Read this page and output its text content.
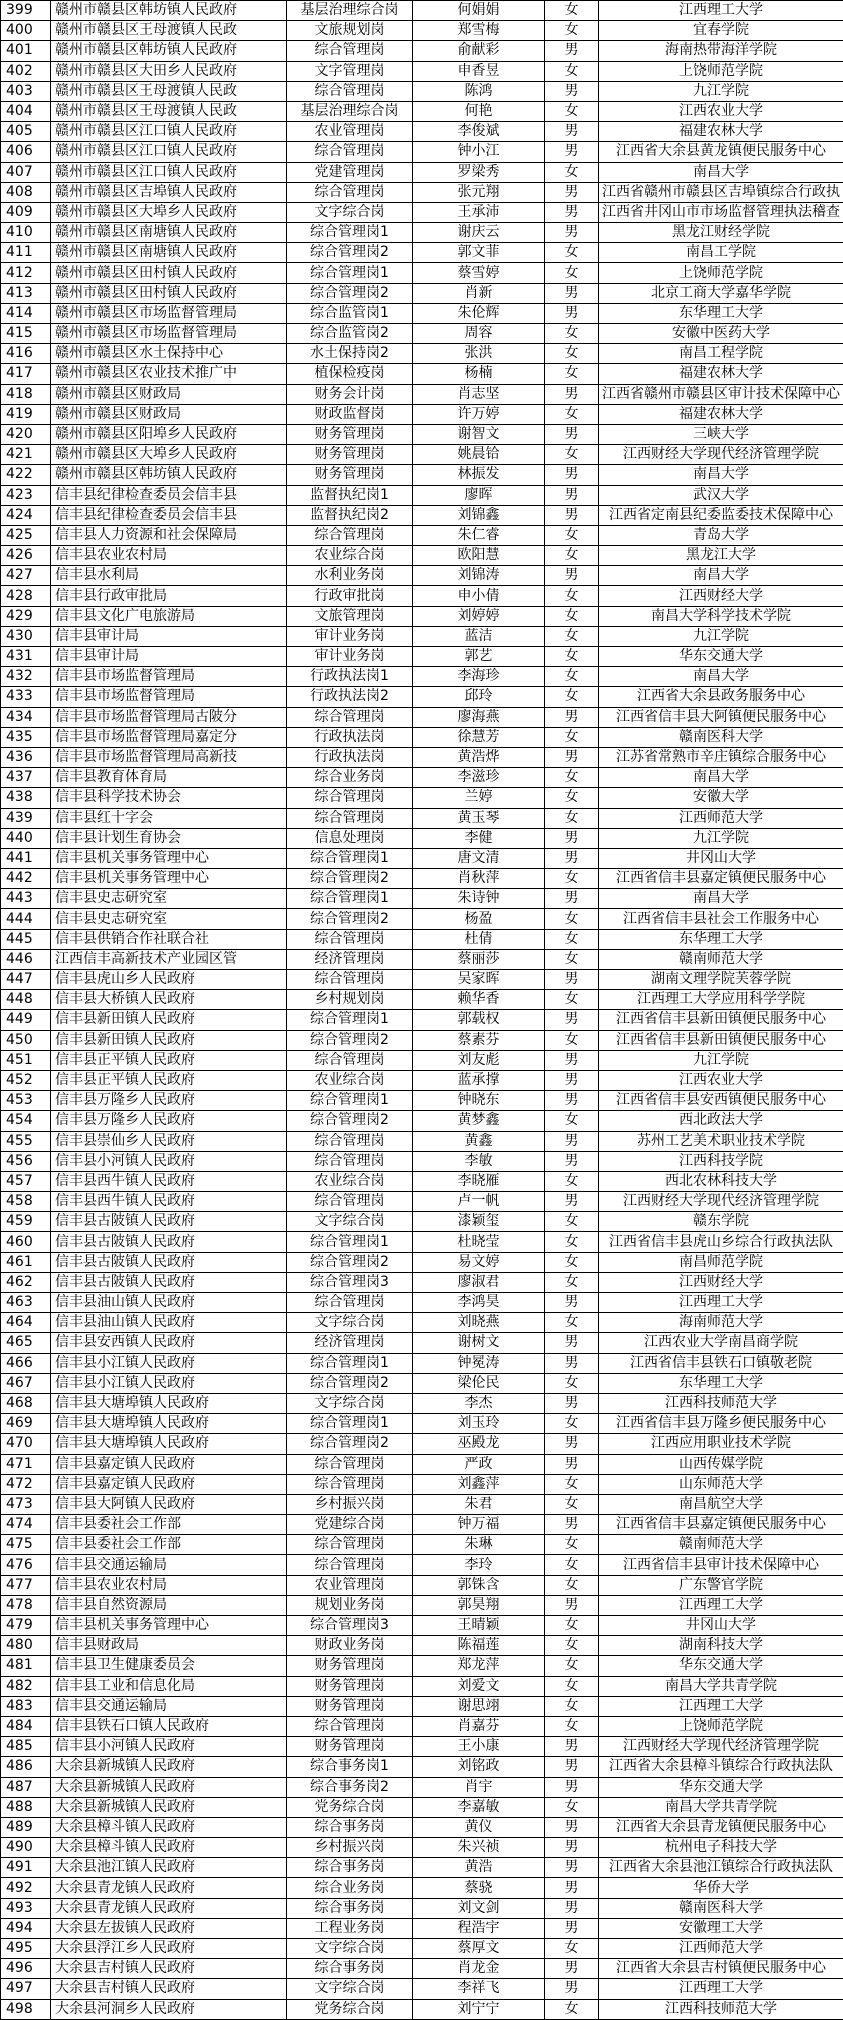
399	赣州市赣县区韩坊镇人民政府	基层治理综合岗	何娟娟	女	江西理工大学
400	赣州市赣县区王母渡镇人民政	文旅规划岗	郑雪梅	女	宜春学院
401	赣州市赣县区韩坊镇人民政府	综合管理岗	俞献彩	男	海南热带海洋学院
402	赣州市赣县区大田乡人民政府	文字管理岗	申香昱	女	上饶师范学院
403	赣州市赣县区王母渡镇人民政	综合管理岗	陈鸿	男	九江学院
404	赣州市赣县区王母渡镇人民政	基层治理综合岗	何艳	女	江西农业大学
405	赣州市赣县区江口镇人民政府	农业管理岗	李俊斌	男	福建农林大学
406	赣州市赣县区江口镇人民政府	综合管理岗	钟小江	男	江西省大余县黄龙镇便民服务中心
407	赣州市赣县区江口镇人民政府	党建管理岗	罗梁秀	女	南昌大学
408	赣州市赣县区吉埠镇人民政府	综合管理岗	张元翔	男	江西省赣州市赣县区吉埠镇综合行政执
409	赣州市赣县区大埠乡人民政府	文字综合岗	王承沛	男	江西省井冈山市市场监督管理执法稽查
410	赣州市赣县区南塘镇人民政府	综合管理岗1	谢庆云	男	黑龙江财经学院
411	赣州市赣县区南塘镇人民政府	综合管理岗2	郭文菲	女	南昌工学院
412	赣州市赣县区田村镇人民政府	综合管理岗1	蔡雪婷	女	上饶师范学院
413	赣州市赣县区田村镇人民政府	综合管理岗2	肖新	男	北京工商大学嘉华学院
414	赣州市赣县区市场监督管理局	综合监管岗1	朱伦辉	男	东华理工大学
415	赣州市赣县区市场监督管理局	综合监管岗2	周容	女	安徽中医药大学
416	赣州市赣县区水土保持中心	水土保持岗2	张洪	女	南昌工程学院
417	赣州市赣县区农业技术推广中	植保检疫岗	杨楠	女	福建农林大学
418	赣州市赣县区财政局	财务会计岗	肖志坚	男	江西省赣州市赣县区审计技术保障中心
419	赣州市赣县区财政局	财政监督岗	许万婷	女	福建农林大学
420	赣州市赣县区阳埠乡人民政府	财务管理岗	谢智文	男	三峡大学
421	赣州市赣县区大埠乡人民政府	财务管理岗	姚晨铪	女	江西财经大学现代经济管理学院
422	赣州市赣县区韩坊镇人民政府	财务管理岗	林振发	男	南昌大学
423	信丰县纪律检查委员会信丰县	监督执纪岗1	廖晖	男	武汉大学
424	信丰县纪律检查委员会信丰县	监督执纪岗2	刘锦鑫	男	江西省定南县纪委监委技术保障中心
425	信丰县人力资源和社会保障局	综合管理岗	朱仁睿	女	青岛大学
426	信丰县农业农村局	农业综合岗	欧阳慧	女	黑龙江大学
427	信丰县水利局	水利业务岗	刘锦涛	男	南昌大学
428	信丰县行政审批局	行政审批岗	申小倩	女	江西财经大学
429	信丰县文化广电旅游局	文旅管理岗	刘婷婷	女	南昌大学科学技术学院
430	信丰县审计局	审计业务岗	蓝洁	女	九江学院
431	信丰县审计局	审计业务岗	郭艺	女	华东交通大学
432	信丰县市场监督管理局	行政执法岗1	李海珍	女	南昌大学
433	信丰县市场监督管理局	行政执法岗2	邱玲	女	江西省大余县政务服务中心
434	信丰县市场监督管理局古陂分	综合管理岗	廖海燕	男	江西省信丰县大阿镇便民服务中心
435	信丰县市场监督管理局嘉定分	行政执法岗	徐慧芳	女	赣南医科大学
436	信丰县市场监督管理局高新技	行政执法岗	黄浩烨	男	江苏省常熟市辛庄镇综合服务中心
437	信丰县教育体育局	综合业务岗	李滋珍	女	南昌大学
438	信丰县科学技术协会	综合管理岗	兰婷	女	安徽大学
439	信丰县红十字会	综合管理岗	黄玉琴	女	江西师范大学
440	信丰县计划生育协会	信息处理岗	李健	男	九江学院
441	信丰县机关事务管理中心	综合管理岗1	唐文清	男	井冈山大学
442	信丰县机关事务管理中心	综合管理岗2	肖秋萍	女	江西省信丰县嘉定镇便民服务中心
443	信丰县史志研究室	综合管理岗1	朱诗钟	男	南昌大学
444	信丰县史志研究室	综合管理岗2	杨盈	女	江西省信丰县社会工作服务中心
445	信丰县供销合作社联合社	综合管理岗	杜倩	女	东华理工大学
446	江西信丰高新技术产业园区管	经济管理岗	蔡丽莎	女	赣南师范大学
447	信丰县虎山乡人民政府	综合管理岗	吴家晖	男	湖南文理学院芙蓉学院
448	信丰县大桥镇人民政府	乡村规划岗	赖华香	女	江西理工大学应用科学学院
449	信丰县新田镇人民政府	综合管理岗1	郭载权	男	江西省信丰县新田镇便民服务中心
450	信丰县新田镇人民政府	综合管理岗2	蔡素芬	女	江西省信丰县新田镇便民服务中心
451	信丰县正平镇人民政府	综合管理岗	刘友彪	男	九江学院
452	信丰县正平镇人民政府	农业综合岗	蓝承撑	男	江西农业大学
453	信丰县万隆乡人民政府	综合管理岗1	钟晓东	男	江西省信丰县安西镇便民服务中心
454	信丰县万隆乡人民政府	综合管理岗2	黄梦鑫	女	西北政法大学
455	信丰县崇仙乡人民政府	综合管理岗	黄鑫	男	苏州工艺美术职业技术学院
456	信丰县小河镇人民政府	综合管理岗	李敏	男	江西科技学院
457	信丰县西牛镇人民政府	农业综合岗	李晓雁	女	西北农林科技大学
458	信丰县西牛镇人民政府	综合管理岗	卢一帆	男	江西财经大学现代经济管理学院
459	信丰县古陂镇人民政府	文字综合岗	漆颖玺	女	赣东学院
460	信丰县古陂镇人民政府	综合管理岗1	杜晓莹	女	江西省信丰县虎山乡综合行政执法队
461	信丰县古陂镇人民政府	综合管理岗2	易文婷	女	南昌师范学院
462	信丰县古陂镇人民政府	综合管理岗3	廖淑君	女	江西财经大学
463	信丰县油山镇人民政府	综合管理岗	李鸿昊	男	江西理工大学
464	信丰县油山镇人民政府	文字综合岗	刘晓燕	女	海南师范大学
465	信丰县安西镇人民政府	经济管理岗	谢树文	男	江西农业大学南昌商学院
466	信丰县小江镇人民政府	综合管理岗1	钟冕涛	男	江西省信丰县铁石口镇敬老院
467	信丰县小江镇人民政府	综合管理岗2	梁伦民	女	东华理工大学
468	信丰县大塘埠镇人民政府	文字综合岗	李杰	男	江西科技师范大学
469	信丰县大塘埠镇人民政府	综合管理岗1	刘玉玲	女	江西省信丰县万隆乡便民服务中心
470	信丰县大塘埠镇人民政府	综合管理岗2	巫殿龙	男	江西应用职业技术学院
471	信丰县嘉定镇人民政府	综合管理岗	严政	男	山西传媒学院
472	信丰县嘉定镇人民政府	综合管理岗	刘鑫萍	女	山东师范大学
473	信丰县大阿镇人民政府	乡村振兴岗	朱君	女	南昌航空大学
474	信丰县委社会工作部	党建综合岗	钟万福	男	江西省信丰县嘉定镇便民服务中心
475	信丰县委社会工作部	综合管理岗	朱琳	女	赣南师范大学
476	信丰县交通运输局	综合管理岗	李玲	女	江西省信丰县审计技术保障中心
477	信丰县农业农村局	农业管理岗	郭铢含	女	广东警官学院
478	信丰县自然资源局	规划业务岗	郭昊翔	男	江西理工大学
479	信丰县机关事务管理中心	综合管理岗3	王晴颖	女	井冈山大学
480	信丰县财政局	财政业务岗	陈福莲	女	湖南科技大学
481	信丰县卫生健康委员会	财务管理岗	郑龙萍	女	华东交通大学
482	信丰县工业和信息化局	财务管理岗	刘爱文	女	南昌大学共青学院
483	信丰县交通运输局	财务管理岗	谢思翊	女	江西理工大学
484	信丰县铁石口镇人民政府	综合管理岗	肖嘉芬	女	上饶师范学院
485	信丰县小河镇人民政府	财务管理岗	王小康	男	江西财经大学现代经济管理学院
486	大余县新城镇人民政府	综合事务岗1	刘铭政	男	江西省大余县樟斗镇综合行政执法队
487	大余县新城镇人民政府	综合事务岗2	肖宇	男	华东交通大学
488	大余县新城镇人民政府	党务综合岗	李嘉敏	女	南昌大学共青学院
489	大余县樟斗镇人民政府	综合事务岗	黄仪	男	江西省大余县青龙镇便民服务中心
490	大余县樟斗镇人民政府	乡村振兴岗	朱兴祯	男	杭州电子科技大学
491	大余县池江镇人民政府	综合事务岗	黄浩	男	江西省大余县池江镇综合行政执法队
492	大余县青龙镇人民政府	综合业务岗	蔡骁	男	华侨大学
493	大余县青龙镇人民政府	综合事务岗	刘文剑	男	赣南医科大学
494	大余县左拔镇人民政府	工程业务岗	程浩宇	男	安徽理工大学
495	大余县浮江乡人民政府	文字综合岗	蔡厚文	女	江西师范大学
496	大余县吉村镇人民政府	综合事务岗	肖龙金	男	江西省大余县吉村镇便民服务中心
497	大余县吉村镇人民政府	文字综合岗	李祥飞	男	江西理工大学
498	大余县河洞乡人民政府	党务综合岗	刘宁宁	女	江西科技师范大学
